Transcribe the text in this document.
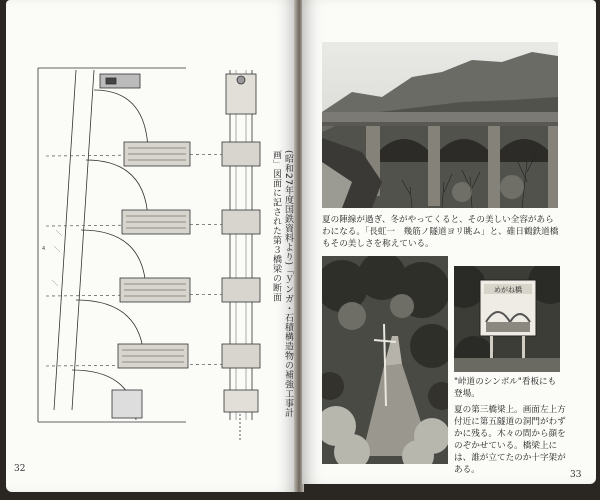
4	(昭和27年度国鉄資料より)「ｙンガ・石積構造物の補強工事計画」図面に記された第３橋梁の断面
32
夏の陣線が過ぎ、冬がやってくると、その美しい全容があらわになる。「長虹一　幾筋ノ隧道ヨリ眺ム」と、碓日鶴鉄道橋もその美しさを称えている。
めがね橋
"峠道のシンボル"看板にも登場。
夏の第三橋梁上。画面左上方付近に第五隧道の洞門がわずかに残る。木々の間から顔をのぞかせている。橋梁上には、誰が立てたのか十字架がある。	33
